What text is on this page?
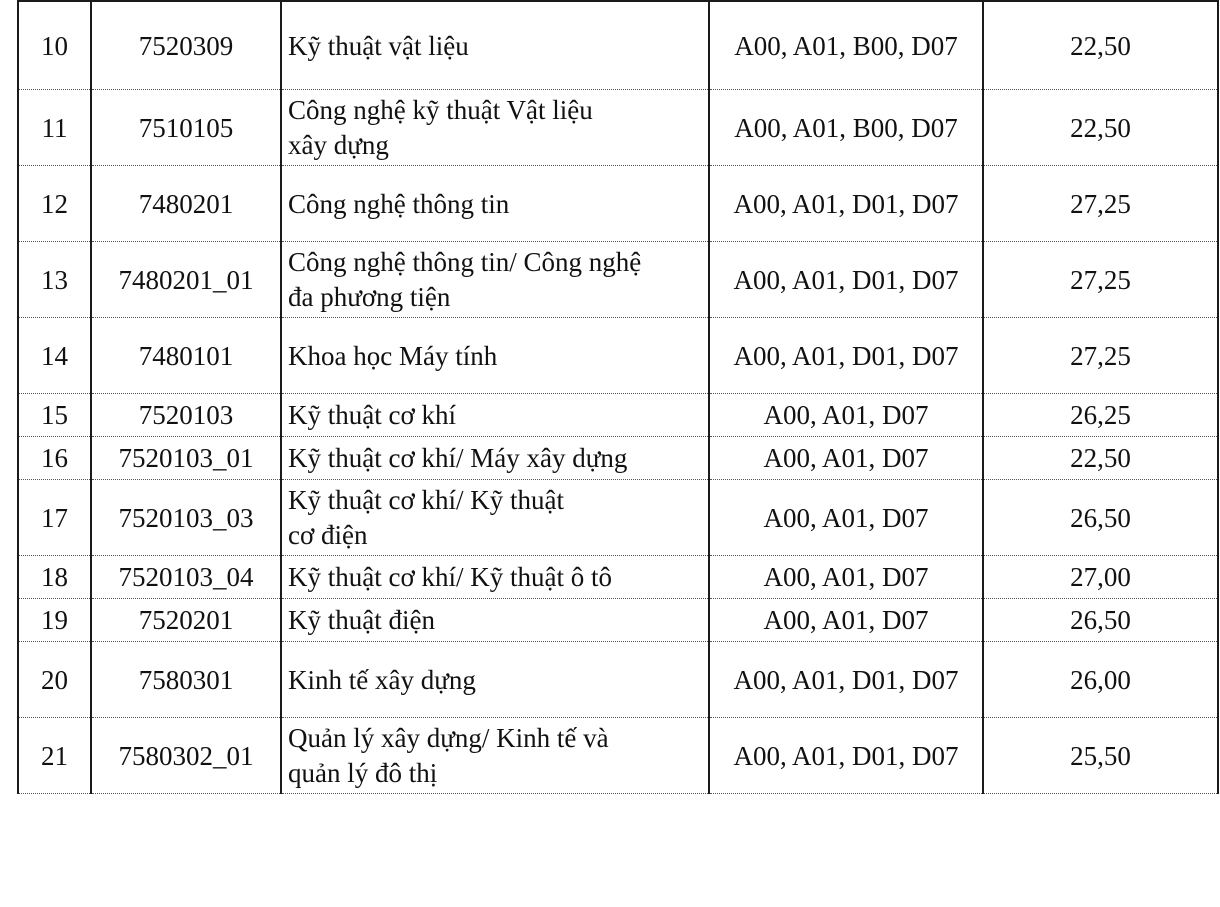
10	7520309	Kỹ thuật vật liệu	A00, A01, B00, D07	22,50
11	7510105	Công nghệ kỹ thuật Vật liệu
xây dựng	A00, A01, B00, D07	22,50
12	7480201	Công nghệ thông tin	A00, A01, D01, D07	27,25
13	7480201_01	Công nghệ thông tin/ Công nghệ
đa phương tiện	A00, A01, D01, D07	27,25
14	7480101	Khoa học Máy tính	A00, A01, D01, D07	27,25
15	7520103	Kỹ thuật cơ khí	A00, A01, D07	26,25
16	7520103_01	Kỹ thuật cơ khí/ Máy xây dựng	A00, A01, D07	22,50
17	7520103_03	Kỹ thuật cơ khí/ Kỹ thuật
cơ điện	A00, A01, D07	26,50
18	7520103_04	Kỹ thuật cơ khí/ Kỹ thuật ô tô	A00, A01, D07	27,00
19	7520201	Kỹ thuật điện	A00, A01, D07	26,50
20	7580301	Kinh tế xây dựng	A00, A01, D01, D07	26,00
21	7580302_01	Quản lý xây dựng/ Kinh tế và
quản lý đô thị	A00, A01, D01, D07	25,50
